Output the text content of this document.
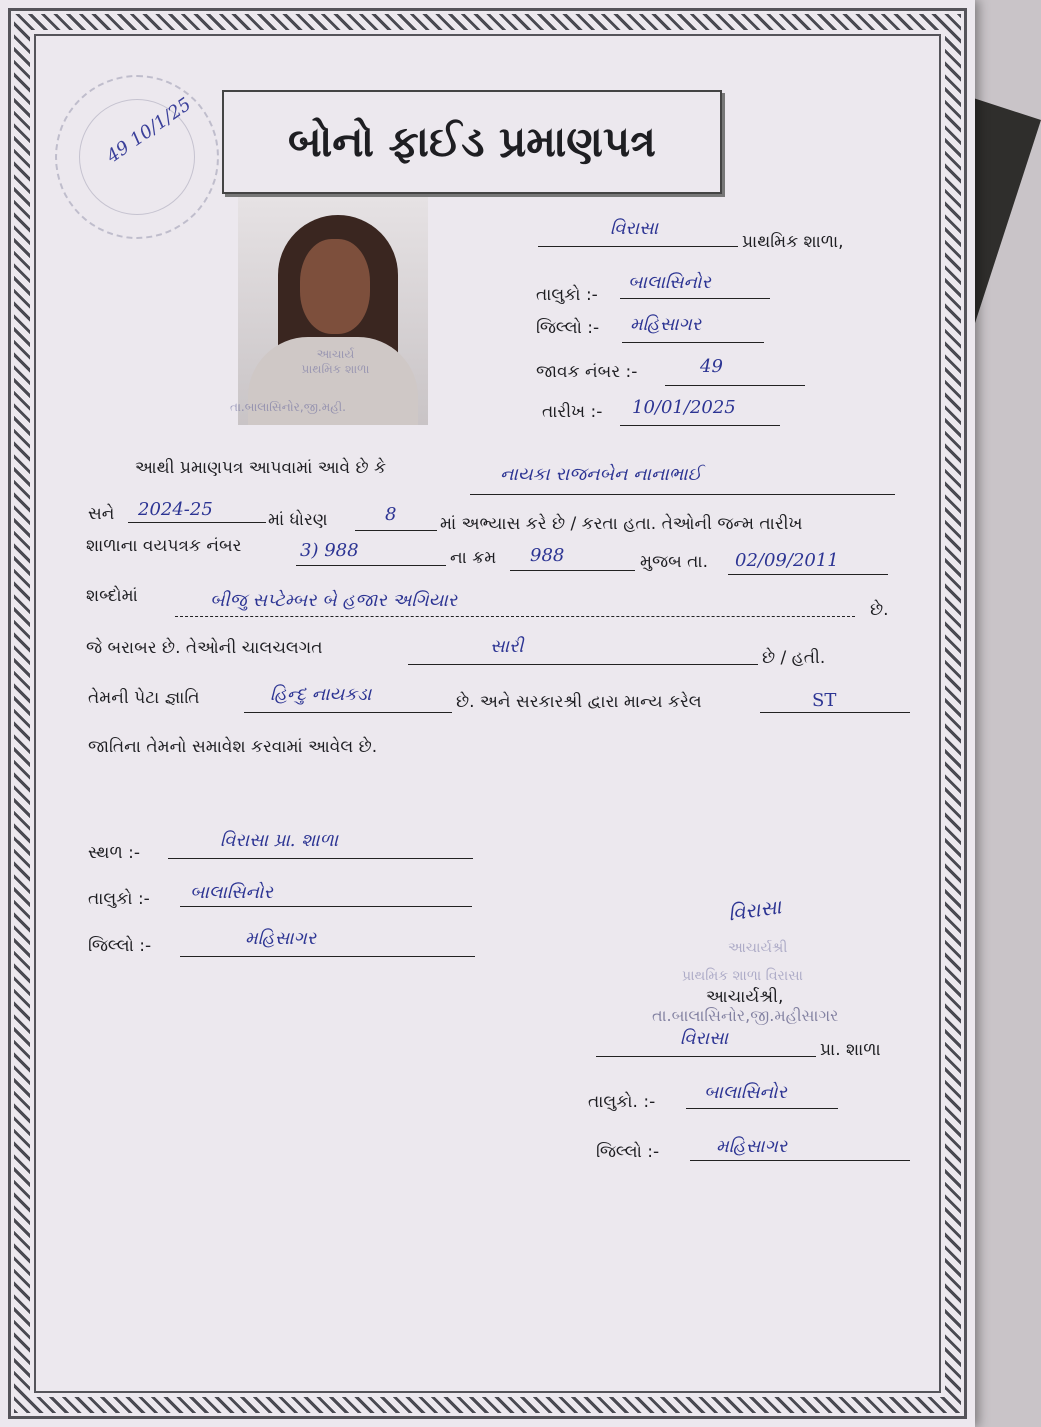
49 10/1/25 બોનો ફાઈડ પ્રમાણપત્ર
આચાર્ય
પ્રાથમિક શાળા
તા.બાલાસિનોર,જી.મહી.
વિરાસા
પ્રાથમિક શાળા,
તાલુકો :-
બાલાસિનોર
જિલ્લો :- મહિસાગર
જાવક નંબર :-	49
તારીખ :- 10/01/2025
આથી પ્રમાણપત્ર આપવામાં આવે છે કે	નાયકા રાજનબેન નાનાભાઈ
સને 2024-25	માં ધોરણ	8	માં અભ્યાસ કરે છે / કરતા હતા. તેઓની જન્મ તારીખ
શાળાના વયપત્રક નંબર	3) 988	ના ક્રમ 988	મુજબ તા. 02/09/2011
શબ્દોમાં	બીજુ સપ્ટેમ્બર બે હજાર અગિયાર	છે.
જે બરાબર છે. તેઓની ચાલચલગત	સારી
છે / હતી.
તેમની પેટા જ્ઞાતિ	હિન્દુ નાયકડા	છે. અને સરકારશ્રી દ્વારા માન્ય કરેલ	ST
જાતિના તેમનો સમાવેશ કરવામાં આવેલ છે.
સ્થળ :-
વિરાસા પ્રા. શાળા
તાલુકો :- બાલાસિનોર
જિલ્લો :-	મહિસાગર
વિરાસા
આચાર્યશ્રી
પ્રાથમિક શાળા વિરાસા
આચાર્યશ્રી,
તા.બાલાસિનોર,જી.મહીસાગર
વિરાસા
પ્રા. શાળા
તાલુકો. :-	બાલાસિનોર
જિલ્લો :-	મહિસાગર
